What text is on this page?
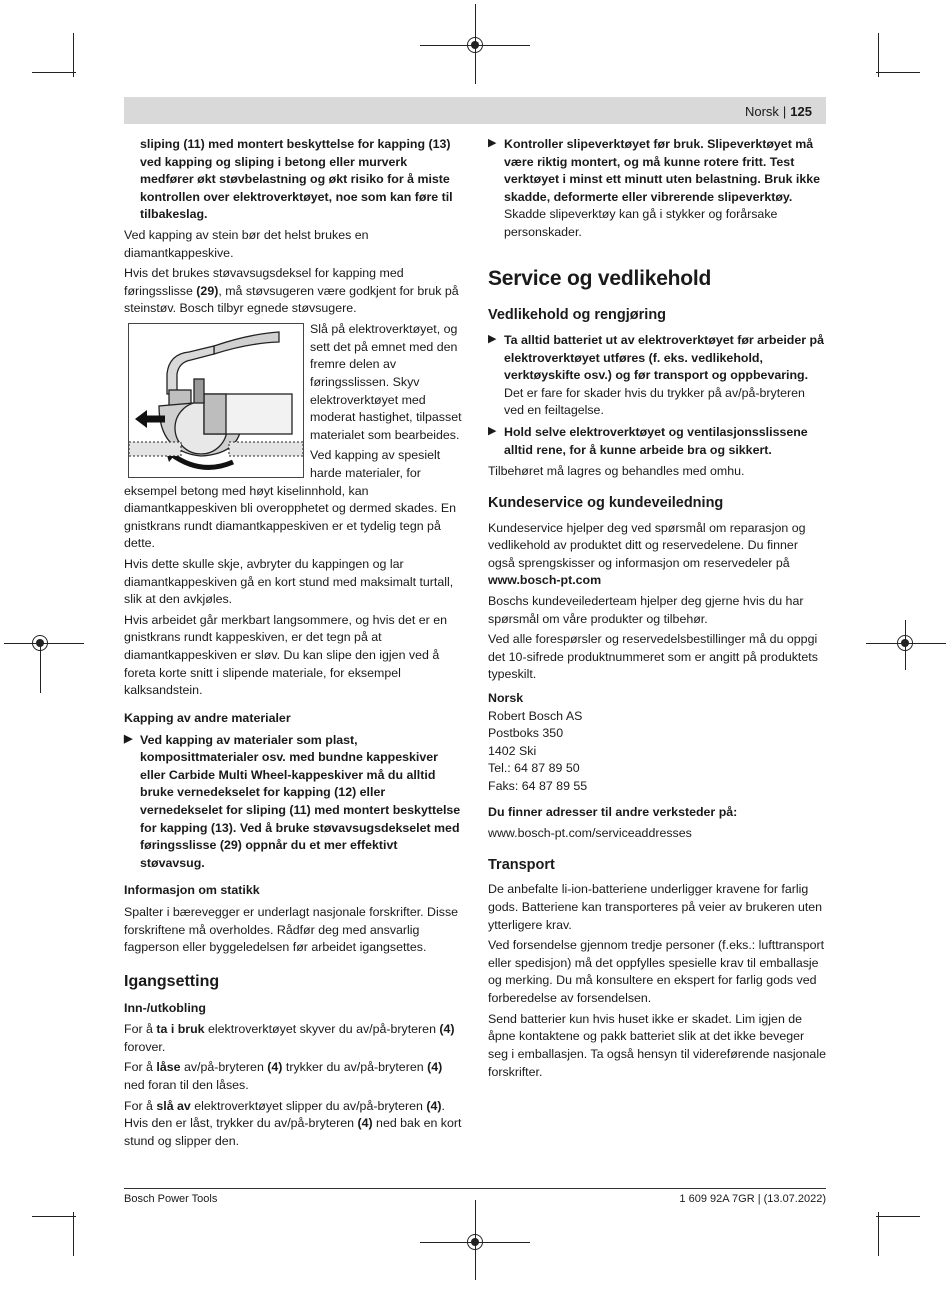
Norsk | 125

sliping (11) med montert beskyttelse for kapping (13) ved kapping og sliping i betong eller murverk medfører økt støvbelastning og økt risiko for å miste kontrollen over elektroverktøyet, noe som kan føre til tilbakeslag.

Ved kapping av stein bør det helst brukes en diamantkappeskive.

Hvis det brukes støvavsugsdeksel for kapping med føringsslisse (29), må støvsugeren være godkjent for bruk på steinstøv. Bosch tilbyr egnede støvsugere.

Slå på elektroverktøyet, og sett det på emnet med den fremre delen av føringsslissen. Skyv elektroverktøyet med moderat hastighet, tilpasset materialet som bearbeides.

Ved kapping av spesielt harde materialer, for eksempel betong med høyt kiselinnhold, kan diamantkappeskiven bli overopphetet og dermed skades. En gnistkrans rundt diamantkappeskiven er et tydelig tegn på dette.

Hvis dette skulle skje, avbryter du kappingen og lar diamantkappeskiven gå en kort stund med maksimalt turtall, slik at den avkjøles.

Hvis arbeidet går merkbart langsommere, og hvis det er en gnistkrans rundt kappeskiven, er det tegn på at diamantkappeskiven er sløv. Du kan slipe den igjen ved å foreta korte snitt i slipende materiale, for eksempel kalksandstein.

Kapping av andre materialer
▶ Ved kapping av materialer som plast, komposittmaterialer osv. med bundne kappeskiver eller Carbide Multi Wheel-kappeskiver må du alltid bruke vernedekselet for kapping (12) eller vernedekselet for sliping (11) med montert beskyttelse for kapping (13). Ved å bruke støvavsugsdekselet med føringsslisse (29) oppnår du et mer effektivt støvavsug.
Informasjon om statikk

Spalter i bærevegger er underlagt nasjonale forskrifter. Disse forskriftene må overholdes. Rådfør deg med ansvarlig fagperson eller byggeledelsen før arbeidet igangsettes.

Igangsetting
Inn-/utkobling

For å ta i bruk elektroverktøyet skyver du av/på-bryteren (4) forover.

For å låse av/på-bryteren (4) trykker du av/på-bryteren (4) ned foran til den låses.

For å slå av elektroverktøyet slipper du av/på-bryteren (4). Hvis den er låst, trykker du av/på-bryteren (4) ned bak en kort stund og slipper den.

▶ Kontroller slipeverktøyet før bruk. Slipeverktøyet må være riktig montert, og må kunne rotere fritt. Test verktøyet i minst ett minutt uten belastning. Bruk ikke skadde, deformerte eller vibrerende slipeverktøy. Skadde slipeverktøy kan gå i stykker og forårsake personskader.
Service og vedlikehold
Vedlikehold og rengjøring
▶ Ta alltid batteriet ut av elektroverktøyet før arbeider på elektroverktøyet utføres (f. eks. vedlikehold, verktøyskifte osv.) og før transport og oppbevaring. Det er fare for skader hvis du trykker på av/på-bryteren ved en feiltagelse.
▶ Hold selve elektroverktøyet og ventilasjonsslissene alltid rene, for å kunne arbeide bra og sikkert.

Tilbehøret må lagres og behandles med omhu.

Kundeservice og kundeveiledning

Kundeservice hjelper deg ved spørsmål om reparasjon og vedlikehold av produktet ditt og reservedelene. Du finner også sprengskisser og informasjon om reservedeler på

www.bosch-pt.com

Boschs kundeveilederteam hjelper deg gjerne hvis du har spørsmål om våre produkter og tilbehør.

Ved alle forespørsler og reservedelsbestillinger må du oppgi det 10-sifrede produktnummeret som er angitt på produktets typeskilt.

Norsk

Robert Bosch AS
Postboks 350
1402 Ski
Tel.: 64 87 89 50
Faks: 64 87 89 55

Du finner adresser til andre verksteder på:

www.bosch-pt.com/serviceaddresses

Transport

De anbefalte li-ion-batteriene underligger kravene for farlig gods. Batteriene kan transporteres på veier av brukeren uten ytterligere krav.

Ved forsendelse gjennom tredje personer (f.eks.: lufttransport eller spedisjon) må det oppfylles spesielle krav til emballasje og merking. Du må konsultere en ekspert for farlig gods ved forberedelse av forsendelsen.

Send batterier kun hvis huset ikke er skadet. Lim igjen de åpne kontaktene og pakk batteriet slik at det ikke beveger seg i emballasjen. Ta også hensyn til videreførende nasjonale forskrifter.

Bosch Power Tools	1 609 92A 7GR | (13.07.2022)
